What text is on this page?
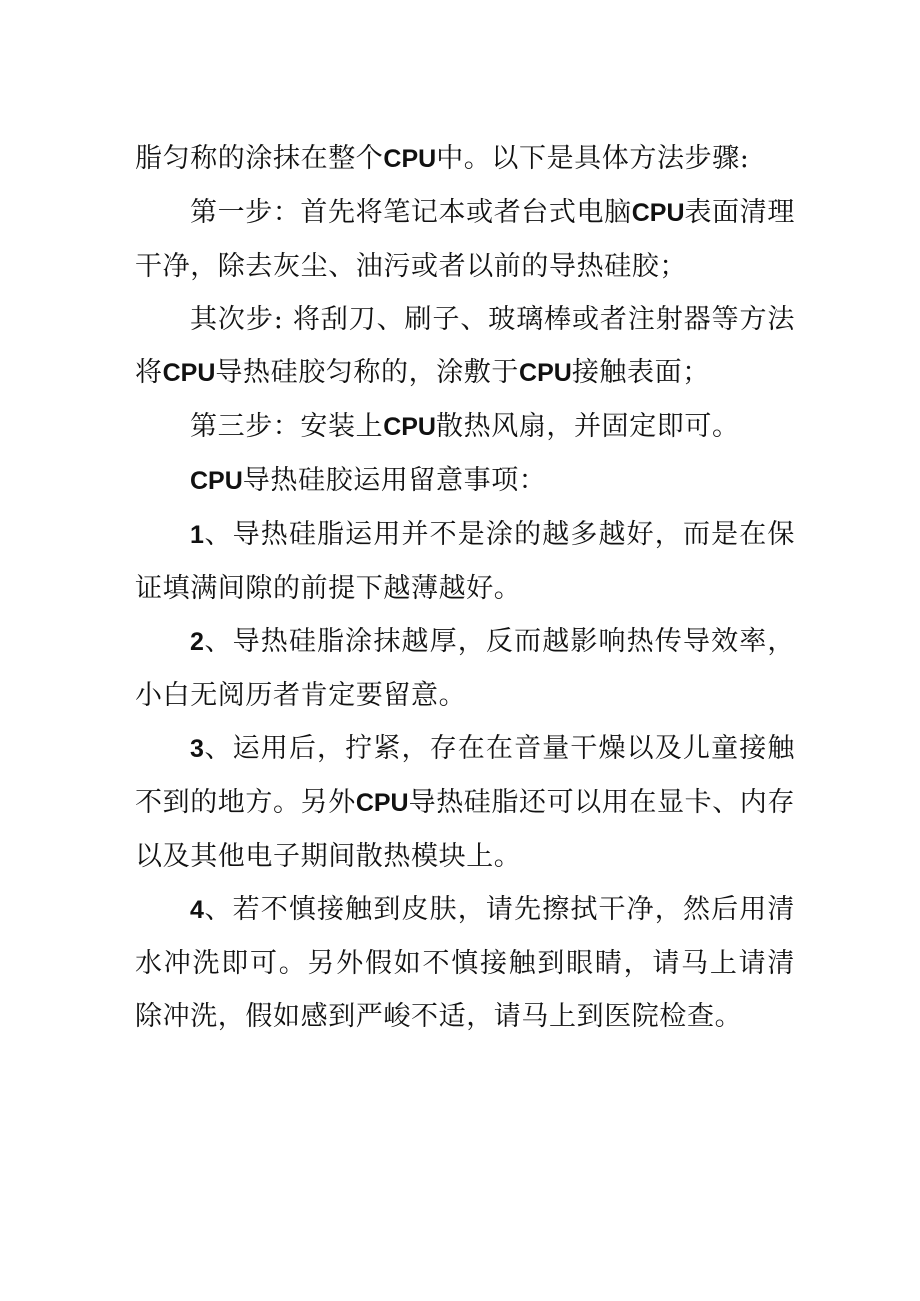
脂匀称的涂抹在整个CPU中。以下是具体方法步骤:

第一步：首先将笔记本或者台式电脑CPU表面清理干净，除去灰尘、油污或者以前的导热硅胶；

其次步: 将刮刀、刷子、玻璃棒或者注射器等方法将CPU导热硅胶匀称的，涂敷于CPU接触表面；

第三步：安装上CPU散热风扇，并固定即可。

CPU导热硅胶运用留意事项：

1、导热硅脂运用并不是涂的越多越好，而是在保证填满间隙的前提下越薄越好。

2、导热硅脂涂抹越厚，反而越影响热传导效率，小白无阅历者肯定要留意。

3、运用后，拧紧，存在在音量干燥以及儿童接触不到的地方。另外CPU导热硅脂还可以用在显卡、内存以及其他电子期间散热模块上。

4、若不慎接触到皮肤，请先擦拭干净，然后用清水冲洗即可。另外假如不慎接触到眼睛，请马上请清除冲洗，假如感到严峻不适，请马上到医院检查。
